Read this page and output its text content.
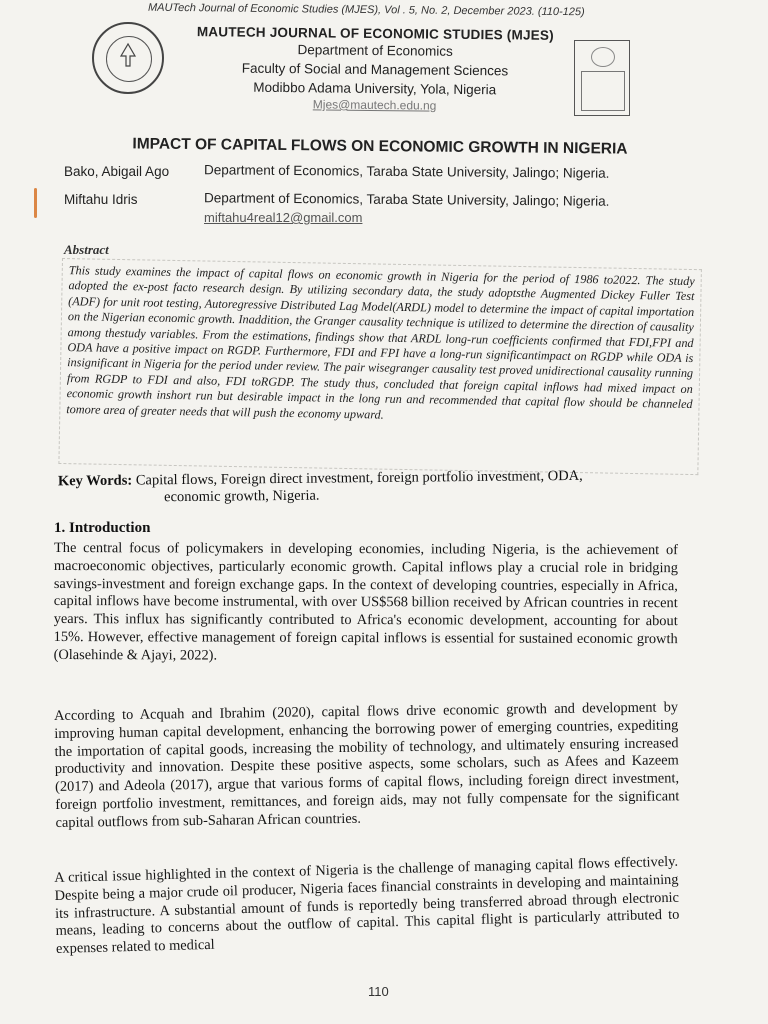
MAUTech Journal of Economic Studies (MJES), Vol . 5, No. 2, December 2023. (110-125)
MAUTECH JOURNAL OF ECONOMIC STUDIES (MJES)
Department of Economics
Faculty of Social and Management Sciences
Modibbo Adama University, Yola, Nigeria
Mjes@mautech.edu.ng
IMPACT OF CAPITAL FLOWS ON ECONOMIC GROWTH IN NIGERIA
Bako, Abigail Ago	Department of Economics, Taraba State University, Jalingo; Nigeria.
Miftahu Idris	Department of Economics, Taraba State University, Jalingo; Nigeria.
miftahu4real12@gmail.com
Abstract
This study examines the impact of capital flows on economic growth in Nigeria for the period of 1986 to2022. The study adopted the ex-post facto research design. By utilizing secondary data, the study adoptsthe Augmented Dickey Fuller Test (ADF) for unit root testing, Autoregressive Distributed Lag Model(ARDL) model to determine the impact of capital importation on the Nigerian economic growth. Inaddition, the Granger causality technique is utilized to determine the direction of causality among thestudy variables. From the estimations, findings show that ARDL long-run coefficients confirmed that FDI,FPI and ODA have a positive impact on RGDP. Furthermore, FDI and FPI have a long-run significantimpact on RGDP while ODA is insignificant in Nigeria for the period under review. The pair wisegranger causality test proved unidirectional causality running from RGDP to FDI and also, FDI toRGDP. The study thus, concluded that foreign capital inflows had mixed impact on economic growth inshort run but desirable impact in the long run and recommended that capital flow should be channeled tomore area of greater needs that will push the economy upward.
Key Words: Capital flows, Foreign direct investment, foreign portfolio investment, ODA,
economic growth, Nigeria.
1. Introduction
The central focus of policymakers in developing economies, including Nigeria, is the achievement of macroeconomic objectives, particularly economic growth. Capital inflows play a crucial role in bridging savings-investment and foreign exchange gaps. In the context of developing countries, especially in Africa, capital inflows have become instrumental, with over US$568 billion received by African countries in recent years. This influx has significantly contributed to Africa's economic development, accounting for about 15%. However, effective management of foreign capital inflows is essential for sustained economic growth (Olasehinde & Ajayi, 2022).
According to Acquah and Ibrahim (2020), capital flows drive economic growth and development by improving human capital development, enhancing the borrowing power of emerging countries, expediting the importation of capital goods, increasing the mobility of technology, and ultimately ensuring increased productivity and innovation. Despite these positive aspects, some scholars, such as Afees and Kazeem (2017) and Adeola (2017), argue that various forms of capital flows, including foreign direct investment, foreign portfolio investment, remittances, and foreign aids, may not fully compensate for the significant capital outflows from sub-Saharan African countries.
A critical issue highlighted in the context of Nigeria is the challenge of managing capital flows effectively. Despite being a major crude oil producer, Nigeria faces financial constraints in developing and maintaining its infrastructure. A substantial amount of funds is reportedly being transferred abroad through electronic means, leading to concerns about the outflow of capital. This capital flight is particularly attributed to expenses related to medical
110
